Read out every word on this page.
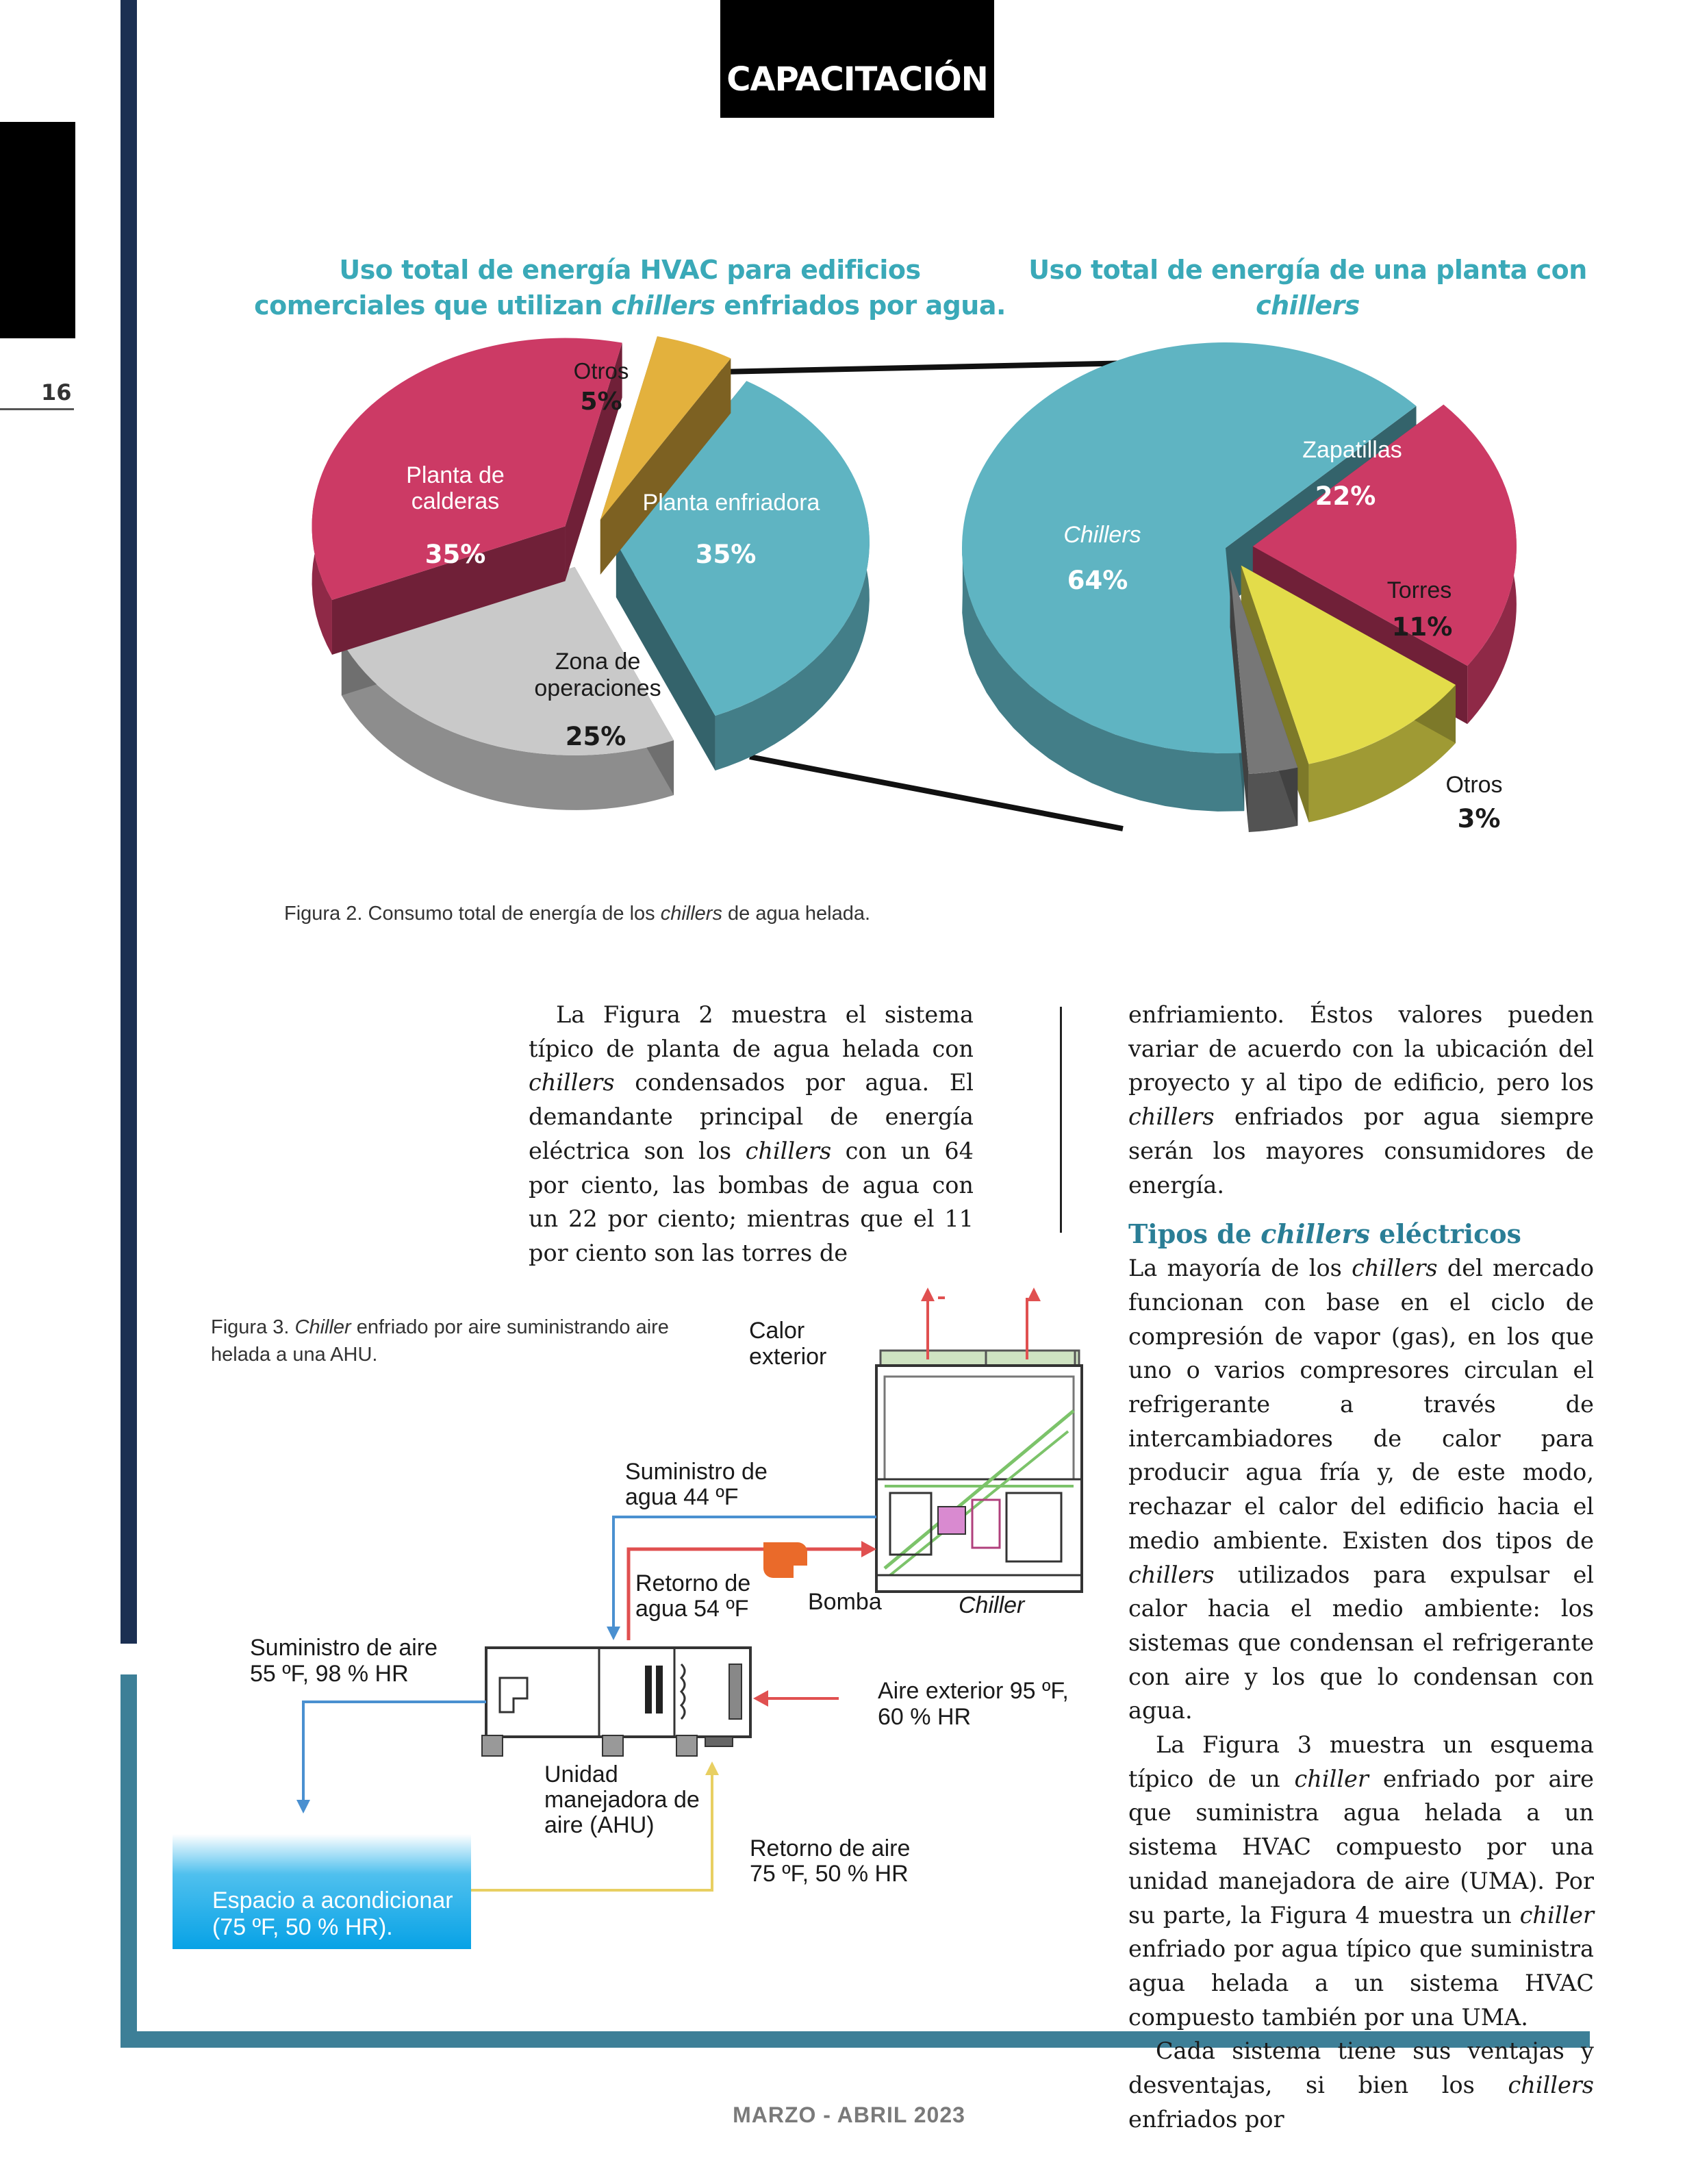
16
CAPACITACIÓN
Uso total de energía HVAC para edificios
comerciales que utilizan chillers enfriados por agua.
Uso total de energía de una planta con chillers
Otros
5%
Planta de
calderas
35%
Planta enfriadora
35%
Zona de
operaciones
25%
Chillers
64%
Zapatillas
22%
Torres
11%
Otros
3%
Figura 2. Consumo total de energía de los chillers de agua helada.

La Figura 2 muestra el sistema típico de planta de agua helada con chillers condensados por agua. El demandante principal de energía eléctrica son los chillers con un 64 por ciento, las bombas de agua con un 22 por ciento; mientras que el 11 por ciento son las torres de

enfriamiento. Éstos valores pueden variar de acuerdo con la ubicación del proyecto y al tipo de edificio, pero los chillers enfriados por agua siempre serán los mayores consumidores de energía.

Tipos de chillers eléctricos

La mayoría de los chillers del mercado funcionan con base en el ciclo de compresión de vapor (gas), en los que uno o varios compresores circulan el refrigerante a través de intercambiadores de calor para producir agua fría y, de este modo, rechazar el calor del edificio hacia el medio ambiente. Existen dos tipos de chillers utilizados para expulsar el calor hacia el medio ambiente: los sistemas que condensan el refrigerante con aire y los que lo condensan con agua.

La Figura 3 muestra un esquema típico de un chiller enfriado por aire que suministra agua helada a un sistema HVAC compuesto por una unidad manejadora de aire (UMA). Por su parte, la Figura 4 muestra un chiller enfriado por agua típico que suministra agua helada a un sistema HVAC compuesto también por una UMA.

Cada sistema tiene sus ventajas y desventajas, si bien los chillers enfriados por

Figura 3. Chiller enfriado por aire suministrando aire
helada a una AHU.
Calor
exterior
Suministro de
agua 44 ºF
Retorno de
agua 54 ºF	Bomba	Chiller
Suministro de aire
55 ºF, 98 % HR
Aire exterior 95 ºF,
60 % HR
Unidad
manejadora de
aire (AHU)
Retorno de aire
75 ºF, 50 % HR
Espacio a acondicionar
(75 ºF, 50 % HR).
MARZO - ABRIL 2023
